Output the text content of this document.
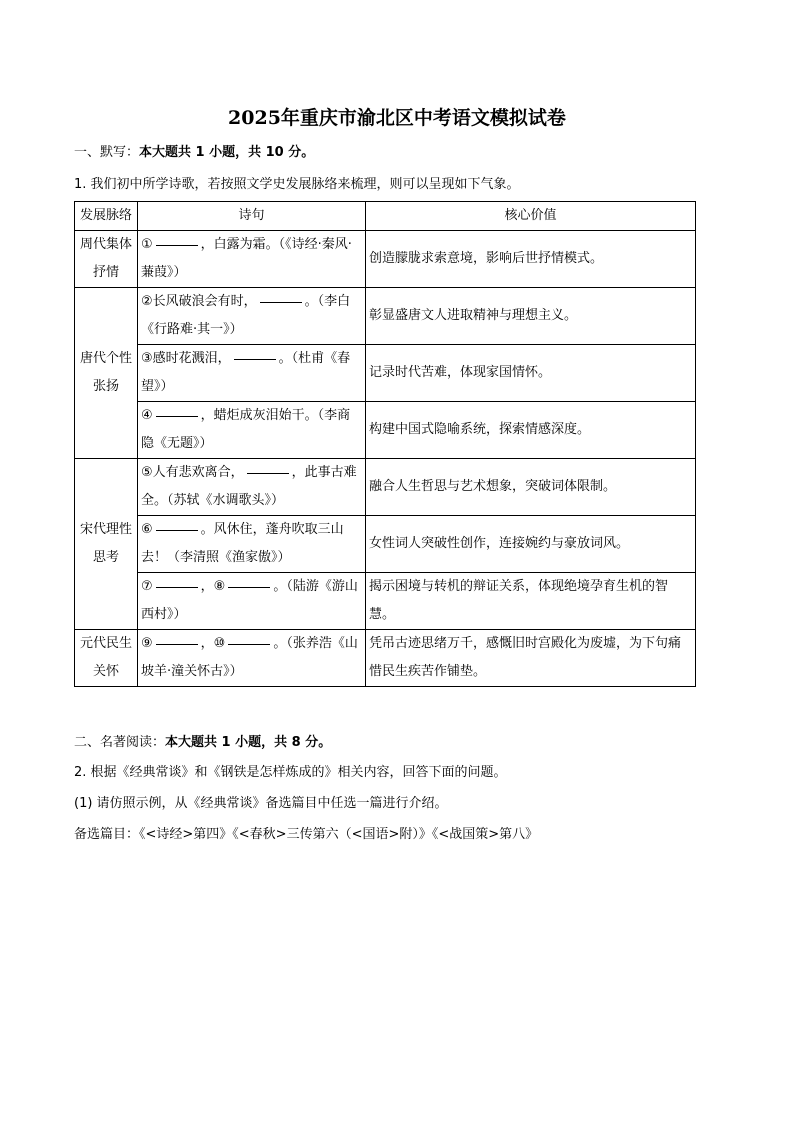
2025年重庆市渝北区中考语文模拟试卷
一、默写：本大题共 1 小题，共 10 分。
1. 我们初中所学诗歌，若按照文学史发展脉络来梳理，则可以呈现如下气象。
发展脉络	诗句	核心价值
周代集体抒情	① ，白露为霜。（《诗经·秦风·蒹葭》）	创造朦胧求索意境，影响后世抒情模式。
唐代个性张扬	②长风破浪会有时， 。（李白《行路难·其一》）	彰显盛唐文人进取精神与理想主义。
	③感时花溅泪， 。（杜甫《春望》）	记录时代苦难，体现家国情怀。
	④ ，蜡炬成灰泪始干。（李商隐《无题》）	构建中国式隐喻系统，探索情感深度。
宋代理性思考	⑤人有悲欢离合， ，此事古难全。（苏轼《水调歌头》）	融合人生哲思与艺术想象，突破词体限制。
	⑥ 。风休住，蓬舟吹取三山去！（李清照《渔家傲》）	女性词人突破性创作，连接婉约与豪放词风。
	⑦ ，⑧ 。（陆游《游山西村》）	揭示困境与转机的辩证关系，体现绝境孕育生机的智慧。
元代民生关怀	⑨ ，⑩ 。（张养浩《山坡羊·潼关怀古》）	凭吊古迹思绪万千，感慨旧时宫殿化为废墟，为下句痛惜民生疾苦作铺垫。
二、名著阅读：本大题共 1 小题，共 8 分。
2. 根据《经典常谈》和《钢铁是怎样炼成的》相关内容，回答下面的问题。
(1) 请仿照示例，从《经典常谈》备选篇目中任选一篇进行介绍。
备选篇目：《<诗经>第四》《<春秋>三传第六（<国语>附）》《<战国策>第八》
